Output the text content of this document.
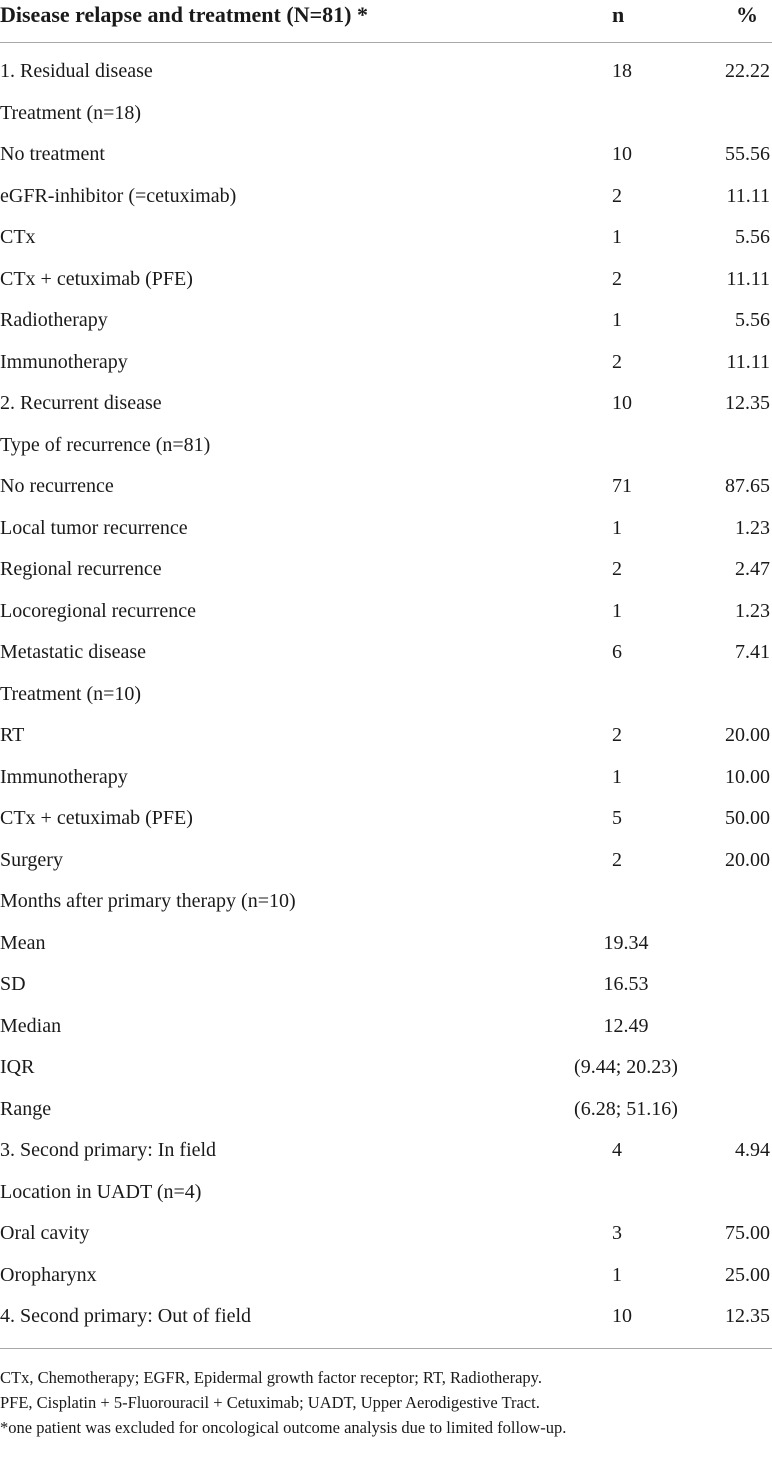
Disease relapse and treatment (N=81) *	n	%
1. Residual disease	18	22.22
Treatment (n=18)		
No treatment	10	55.56
eGFR-inhibitor (=cetuximab)	2	11.11
CTx	1	5.56
CTx + cetuximab (PFE)	2	11.11
Radiotherapy	1	5.56
Immunotherapy	2	11.11
2. Recurrent disease	10	12.35
Type of recurrence (n=81)		
No recurrence	71	87.65
Local tumor recurrence	1	1.23
Regional recurrence	2	2.47
Locoregional recurrence	1	1.23
Metastatic disease	6	7.41
Treatment (n=10)		
RT	2	20.00
Immunotherapy	1	10.00
CTx + cetuximab (PFE)	5	50.00
Surgery	2	20.00
Months after primary therapy (n=10)		
Mean	19.34	
SD	16.53	
Median	12.49	
IQR	(9.44; 20.23)	
Range	(6.28; 51.16)	
3. Second primary: In field	4	4.94
Location in UADT (n=4)		
Oral cavity	3	75.00
Oropharynx	1	25.00
4. Second primary: Out of field	10	12.35
CTx, Chemotherapy; EGFR, Epidermal growth factor receptor; RT, Radiotherapy.
PFE, Cisplatin + 5-Fluorouracil + Cetuximab; UADT, Upper Aerodigestive Tract.
*one patient was excluded for oncological outcome analysis due to limited follow-up.
